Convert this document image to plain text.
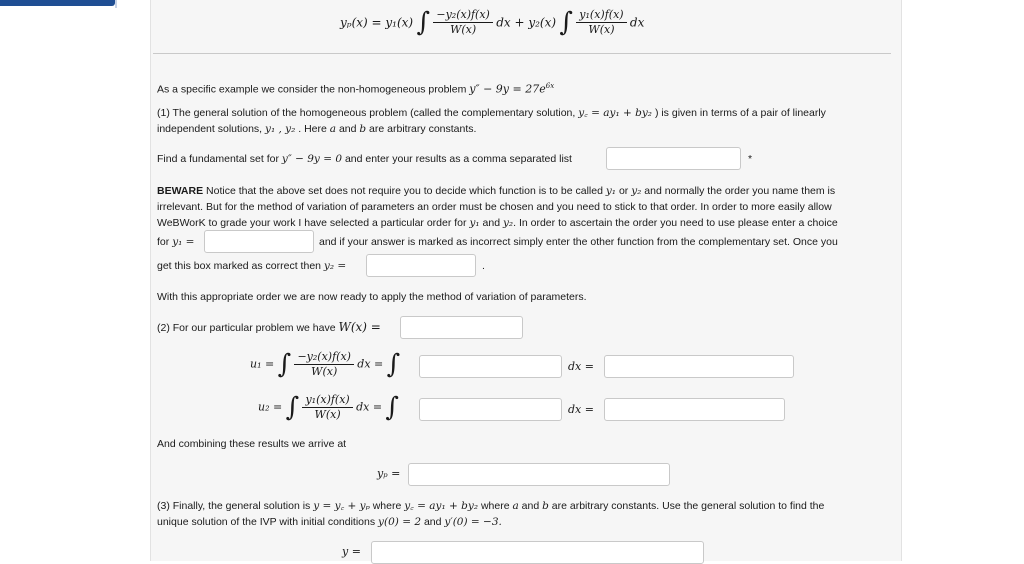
yₚ(x) = y₁(x) ∫ $\frac{\text{−y₂(x)f(x)}}{W(x)}$ dx + y₂(x) ∫ $\frac{\text{y₁(x)f(x)}}{W(x)}$ dx
As a specific example we consider the non-homogeneous problem $y'' - 9y = 27e^{6x}$
(1) The general solution of the homogeneous problem (called the complementary solution, y꜀ = ay₁ + by₂ ) is given in terms of a pair of linearly
independent solutions, y₁ , y₂ . Here a and b are arbitrary constants.
Find a fundamental set for y″ − 9y = 0 and enter your results as a comma separated list	*
BEWARE Notice that the above set does not require you to decide which function is to be called y₁ or y₂ and normally the order you name them is
irrelevant. But for the method of variation of parameters an order must be chosen and you need to stick to that order. In order to more easily allow
WeBWorK to grade your work I have selected a particular order for y₁ and y₂. In order to ascertain the order you need to use please enter a choice
for y₁ =	and if your answer is marked as incorrect simply enter the other function from the complementary set. Once you
get this box marked as correct then y₂ =	.
With this appropriate order we are now ready to apply the method of variation of parameters.
(2) For our particular problem we have W(x) =
u₁ = ∫ $\frac{\text{−y₂(x)f(x)}}{W(x)}$ dx = ∫	dx =
u₂ = ∫ $\frac{\text{y₁(x)f(x)}}{W(x)}$ dx = ∫	dx =
And combining these results we arrive at
yₚ =
(3) Finally, the general solution is y = y꜀ + yₚ where y꜀ = ay₁ + by₂ where a and b are arbitrary constants. Use the general solution to find the
unique solution of the IVP with initial conditions y(0) = 2 and y′(0) = −3.
y =
